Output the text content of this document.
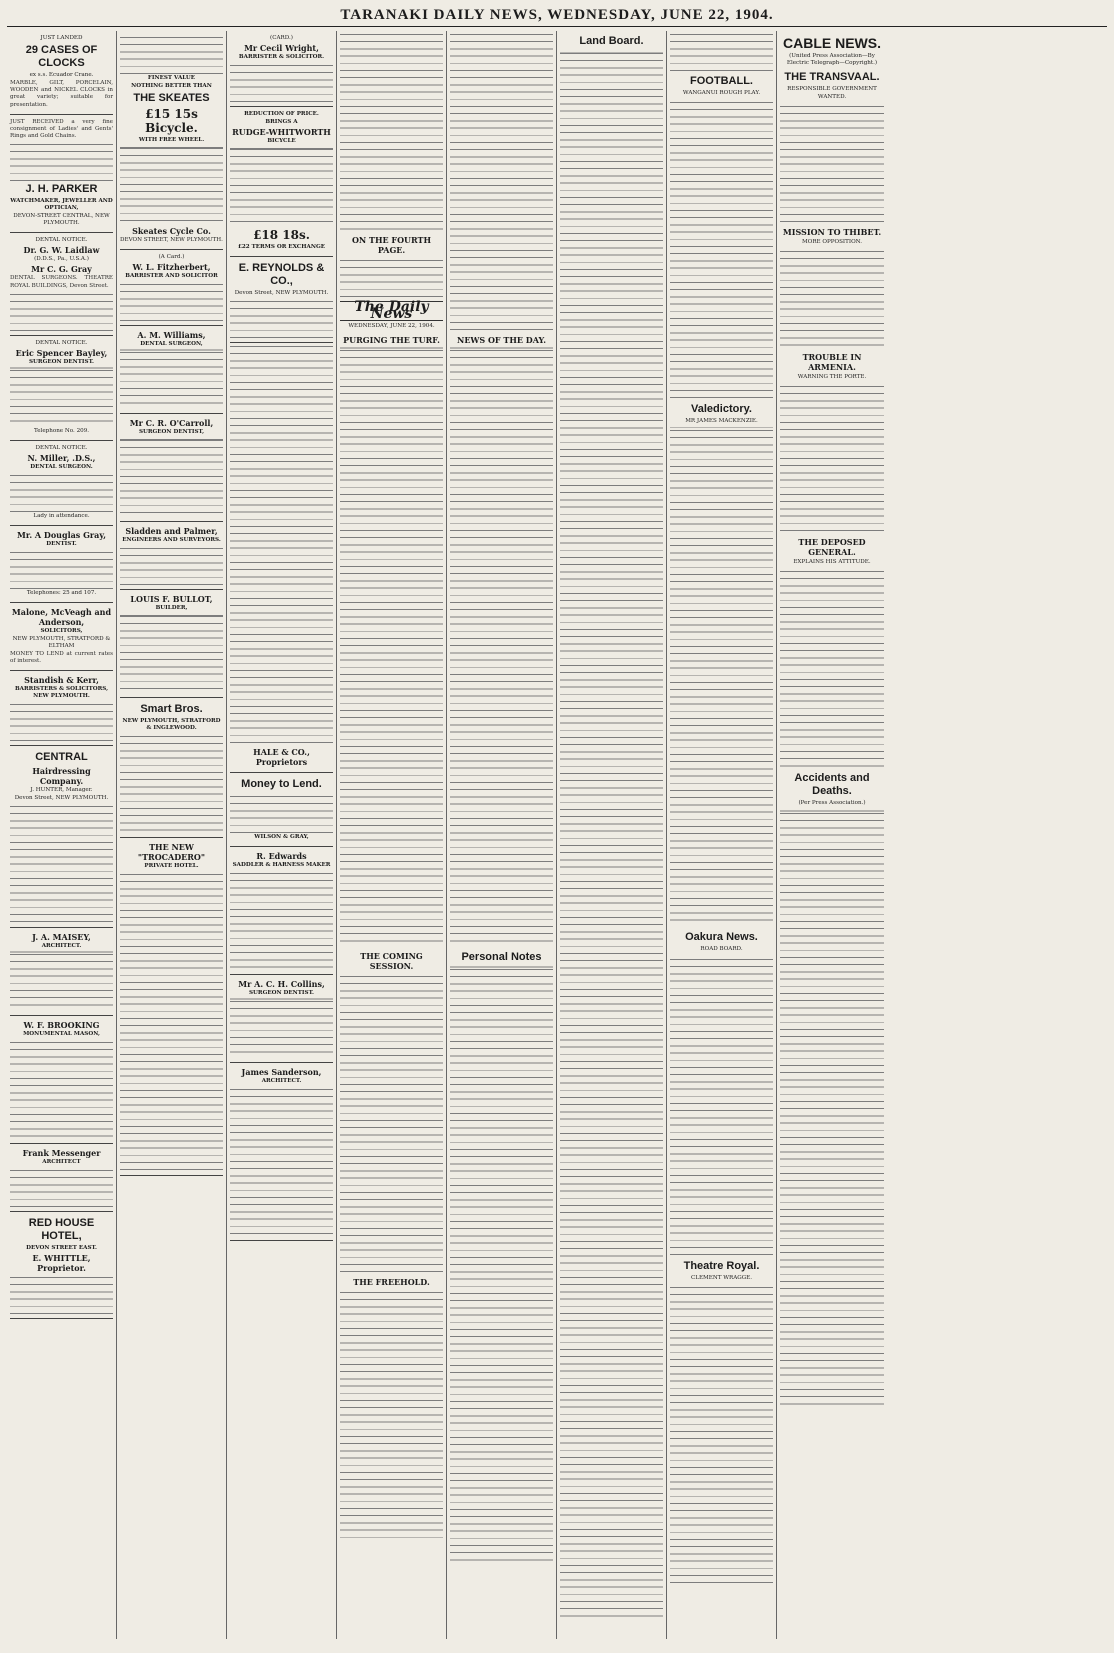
TARANAKI DAILY NEWS, WEDNESDAY, JUNE 22, 1904.
JUST LANDED
29 CASES OF CLOCKS
ex s.s. Ecuador Crane.
MARBLE, GILT, PORCELAIN, WOODEN and NICKEL CLOCKS in great variety; suitable for presentation.
JUST RECEIVED a very fine consignment of Ladies' and Gents' Rings and Gold Chains.
J. H. PARKER
WATCHMAKER, JEWELLER AND OPTICIAN,
DEVON-STREET CENTRAL, NEW PLYMOUTH.
DENTAL NOTICE.
Dr. G. W. Laidlaw
(D.D.S., Pa., U.S.A.)
Mr C. G. Gray
DENTAL SURGEONS. THEATRE ROYAL BUILDINGS, Devon Street.
DENTAL NOTICE.
Eric Spencer Bayley,
SURGEON DENTIST.
Telephone No. 209.
DENTAL NOTICE.
N. Miller, .D.S.,
DENTAL SURGEON.
Lady in attendance.
Mr. A Douglas Gray,
DENTIST.
Telephones: 25 and 107.
Malone, McVeagh and Anderson,
SOLICITORS,
NEW PLYMOUTH, STRATFORD & ELTHAM
MONEY TO LEND at current rates of interest.
Standish & Kerr,
BARRISTERS & SOLICITORS, NEW PLYMOUTH.
CENTRAL
Hairdressing Company.
J. HUNTER, Manager.
Devon Street, NEW PLYMOUTH.
J. A. MAISEY,
ARCHITECT.
W. F. BROOKING
MONUMENTAL MASON,
Frank Messenger
ARCHITECT
RED HOUSE HOTEL,
DEVON STREET EAST.
E. WHITTLE, Proprietor.
FINEST VALUE
NOTHING BETTER THAN
THE SKEATES
£15 15s Bicycle.
WITH FREE WHEEL.
Skeates Cycle Co.
DEVON STREET, NEW PLYMOUTH.
(A Card.)
W. L. Fitzherbert,
BARRISTER AND SOLICITOR
A. M. Williams,
DENTAL SURGEON,
Mr C. R. O'Carroll,
SURGEON DENTIST,
Sladden and Palmer,
ENGINEERS AND SURVEYORS.
LOUIS F. BULLOT,
BUILDER,
Smart Bros.
NEW PLYMOUTH, STRATFORD & INGLEWOOD.
THE NEW "TROCADERO"
PRIVATE HOTEL.
(CARD.)
Mr Cecil Wright,
BARRISTER & SOLICITOR.
REDUCTION OF PRICE.
BRINGS A
RUDGE-WHITWORTH
BICYCLE
£18 18s.
£22 TERMS OR EXCHANGE
E. REYNOLDS & CO.,
Devon Street, NEW PLYMOUTH.
HALE & CO., Proprietors
Money to Lend.
WILSON & GRAY,
R. Edwards
SADDLER & HARNESS MAKER
Mr A. C. H. Collins,
SURGEON DENTIST.
James Sanderson,
ARCHITECT.
ON THE FOURTH PAGE.
The Daily News
WEDNESDAY, JUNE 22, 1904.
PURGING THE TURF.
THE COMING SESSION.
THE FREEHOLD.
NEWS OF THE DAY.
Personal Notes
Land Board.
FOOTBALL.
WANGANUI ROUGH PLAY.
Valedictory.
MR JAMES MACKENZIE.
Oakura News.
ROAD BOARD.
Theatre Royal.
CLEMENT WRAGGE.
CABLE NEWS.
(United Press Association—By Electric Telegraph—Copyright.)
THE TRANSVAAL.
RESPONSIBLE GOVERNMENT WANTED.
MISSION TO THIBET.
MORE OPPOSITION.
TROUBLE IN ARMENIA.
WARNING THE PORTE.
THE DEPOSED GENERAL.
EXPLAINS HIS ATTITUDE.
Accidents and Deaths.
(Per Press Association.)
